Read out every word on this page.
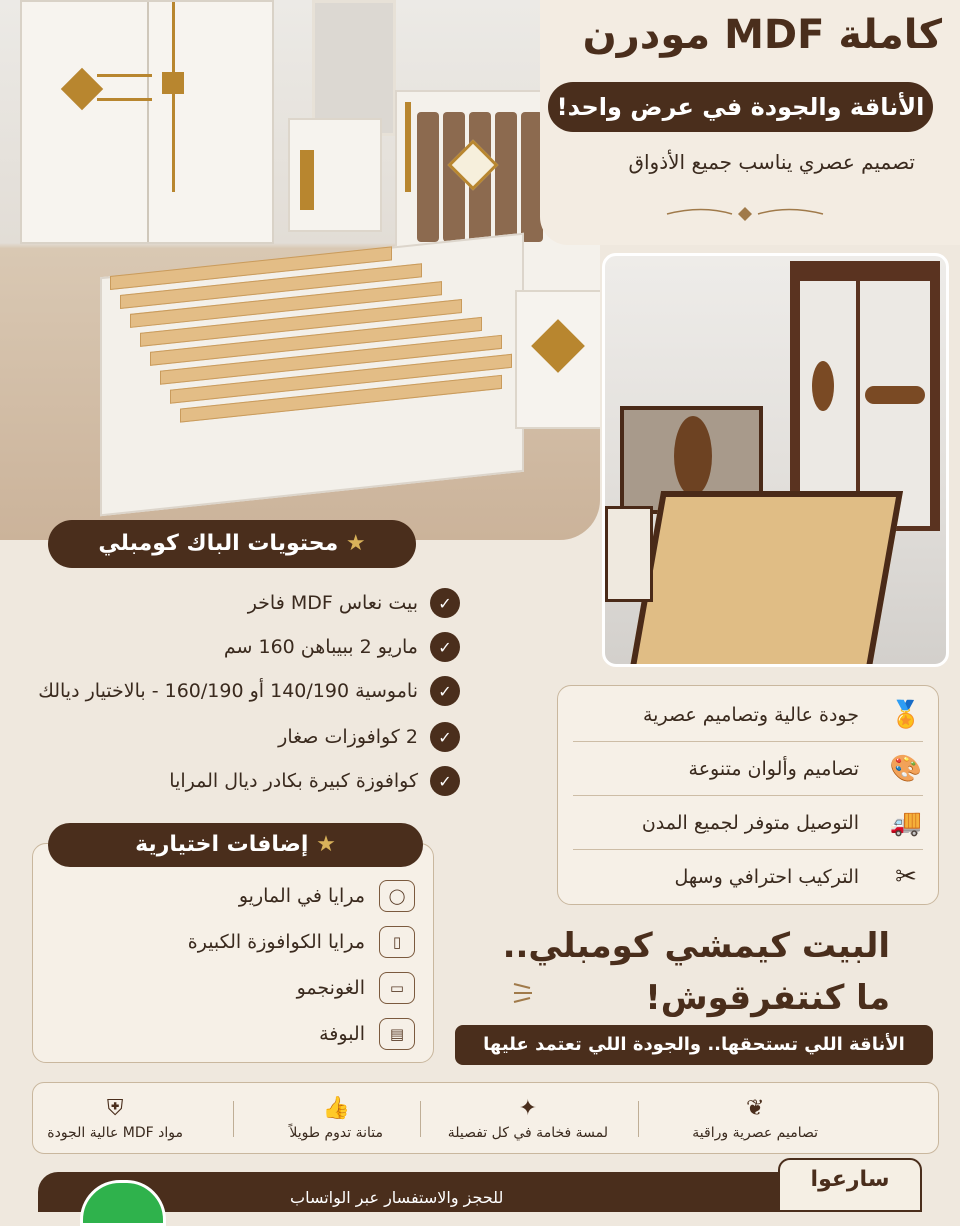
كاملة MDF مودرن
الأناقة والجودة في عرض واحد!
تصميم عصري يناسب جميع الأذواق
★ محتويات الباك كومبلي
✓
بيت نعاس MDF فاخر
✓
ماريو 2 ببيباهن 160 سم
✓
ناموسية 140/190 أو 160/190 - بالاختيار ديالك
✓
2 كوافوزات صغار
✓
كوافوزة كبيرة بكادر ديال المرايا
🏅
جودة عالية وتصاميم عصرية
🎨
تصاميم وألوان متنوعة
🚚
التوصيل متوفر لجميع المدن
✂
التركيب احترافي وسهل
★ إضافات اختيارية
◯
مرايا في الماريو
▯
مرايا الكوافوزة الكبيرة
▭
الغونجمو
▤
البوفة
البيت كيمشي كومبلي..
ما كنتفرقوش!
الأناقة اللي تستحقها.. والجودة اللي تعتمد عليها
❦
تصاميم عصرية وراقية
✦
لمسة فخامة في كل تفصيلة
👍
متانة تدوم طويلاً
⛨
مواد MDF عالية الجودة
للحجز والاستفسار عبر الواتساب
سارعوا
